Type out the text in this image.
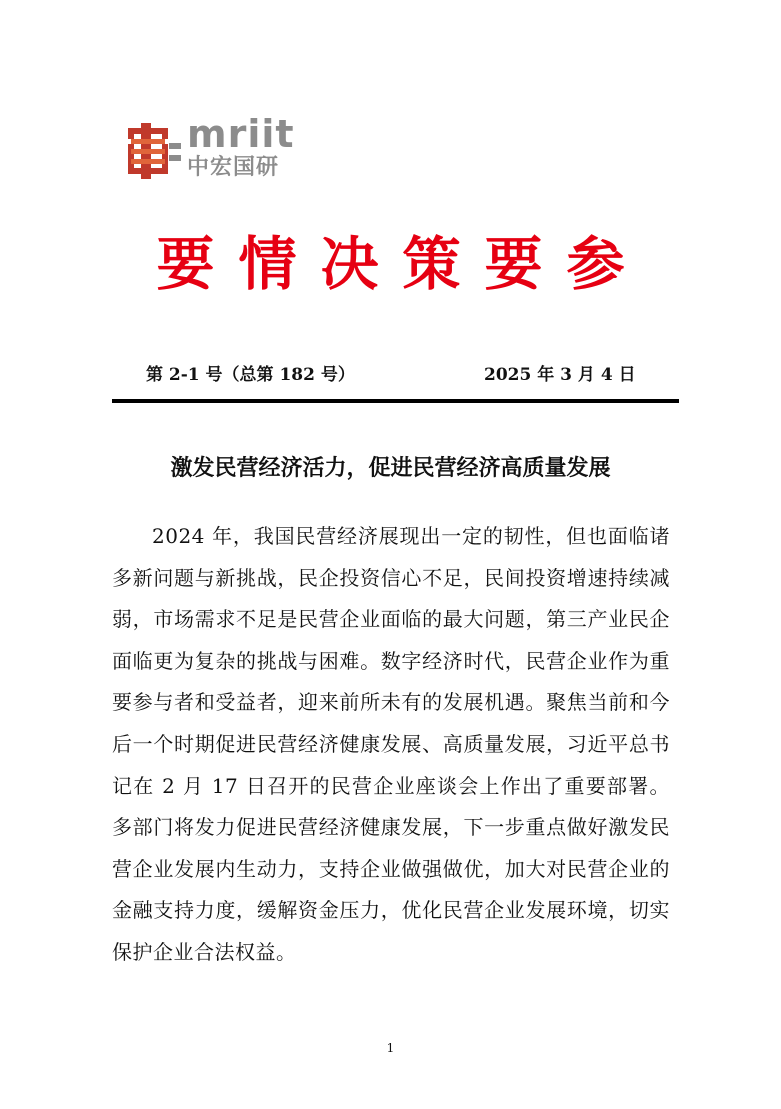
mriit
中宏国研
要情决策要参
第 2-1 号（总第 182 号）	2025 年 3 月 4 日
激发民营经济活力，促进民营经济高质量发展

2024 年，我国民营经济展现出一定的韧性，但也面临诸多新问题与新挑战，民企投资信心不足，民间投资增速持续减弱，市场需求不足是民营企业面临的最大问题，第三产业民企面临更为复杂的挑战与困难。数字经济时代，民营企业作为重要参与者和受益者，迎来前所未有的发展机遇。聚焦当前和今后一个时期促进民营经济健康发展、高质量发展，习近平总书记在 2 月 17 日召开的民营企业座谈会上作出了重要部署。多部门将发力促进民营经济健康发展，下一步重点做好激发民营企业发展内生动力，支持企业做强做优，加大对民营企业的金融支持力度，缓解资金压力，优化民营企业发展环境，切实保护企业合法权益。

1
